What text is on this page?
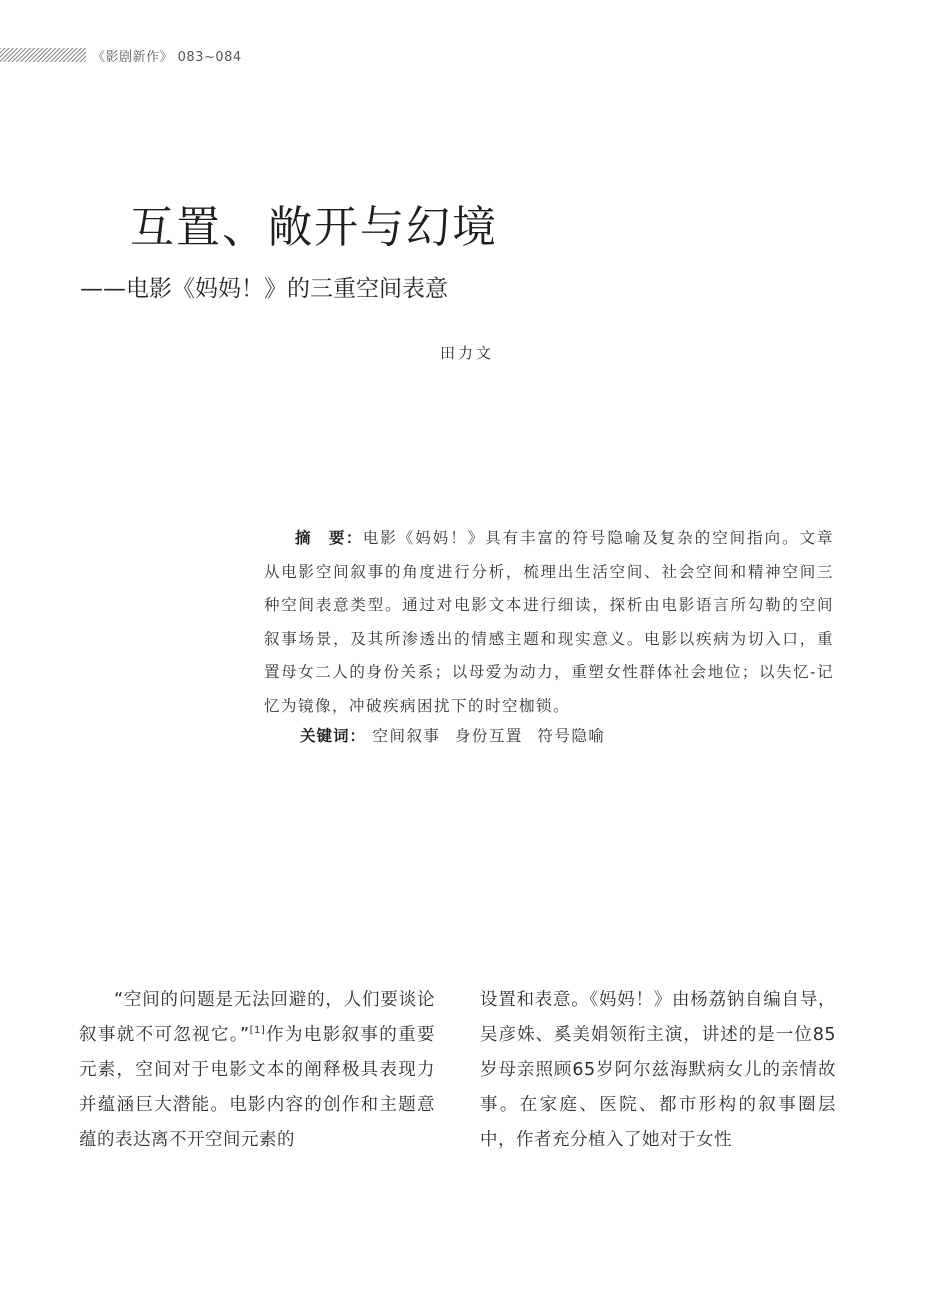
《影剧新作》 083~084
互置、敞开与幻境
——电影《妈妈！》的三重空间表意
田力文

摘　要：电影《妈妈！》具有丰富的符号隐喻及复杂的空间指向。文章从电影空间叙事的角度进行分析，梳理出生活空间、社会空间和精神空间三种空间表意类型。通过对电影文本进行细读，探析由电影语言所勾勒的空间叙事场景，及其所渗透出的情感主题和现实意义。电影以疾病为切入口，重置母女二人的身份关系；以母爱为动力，重塑女性群体社会地位；以失忆-记忆为镜像，冲破疾病困扰下的时空枷锁。

关键词： 空间叙事 身份互置 符号隐喻

“空间的问题是无法回避的，人们要谈论叙事就不可忽视它。”[1]作为电影叙事的重要元素，空间对于电影文本的阐释极具表现力并蕴涵巨大潜能。电影内容的创作和主题意蕴的表达离不开空间元素的

设置和表意。《妈妈！》由杨荔钠自编自导，吴彦姝、奚美娟领衔主演，讲述的是一位85岁母亲照顾65岁阿尔兹海默病女儿的亲情故事。在家庭、医院、都市形构的叙事圈层中，作者充分植入了她对于女性
